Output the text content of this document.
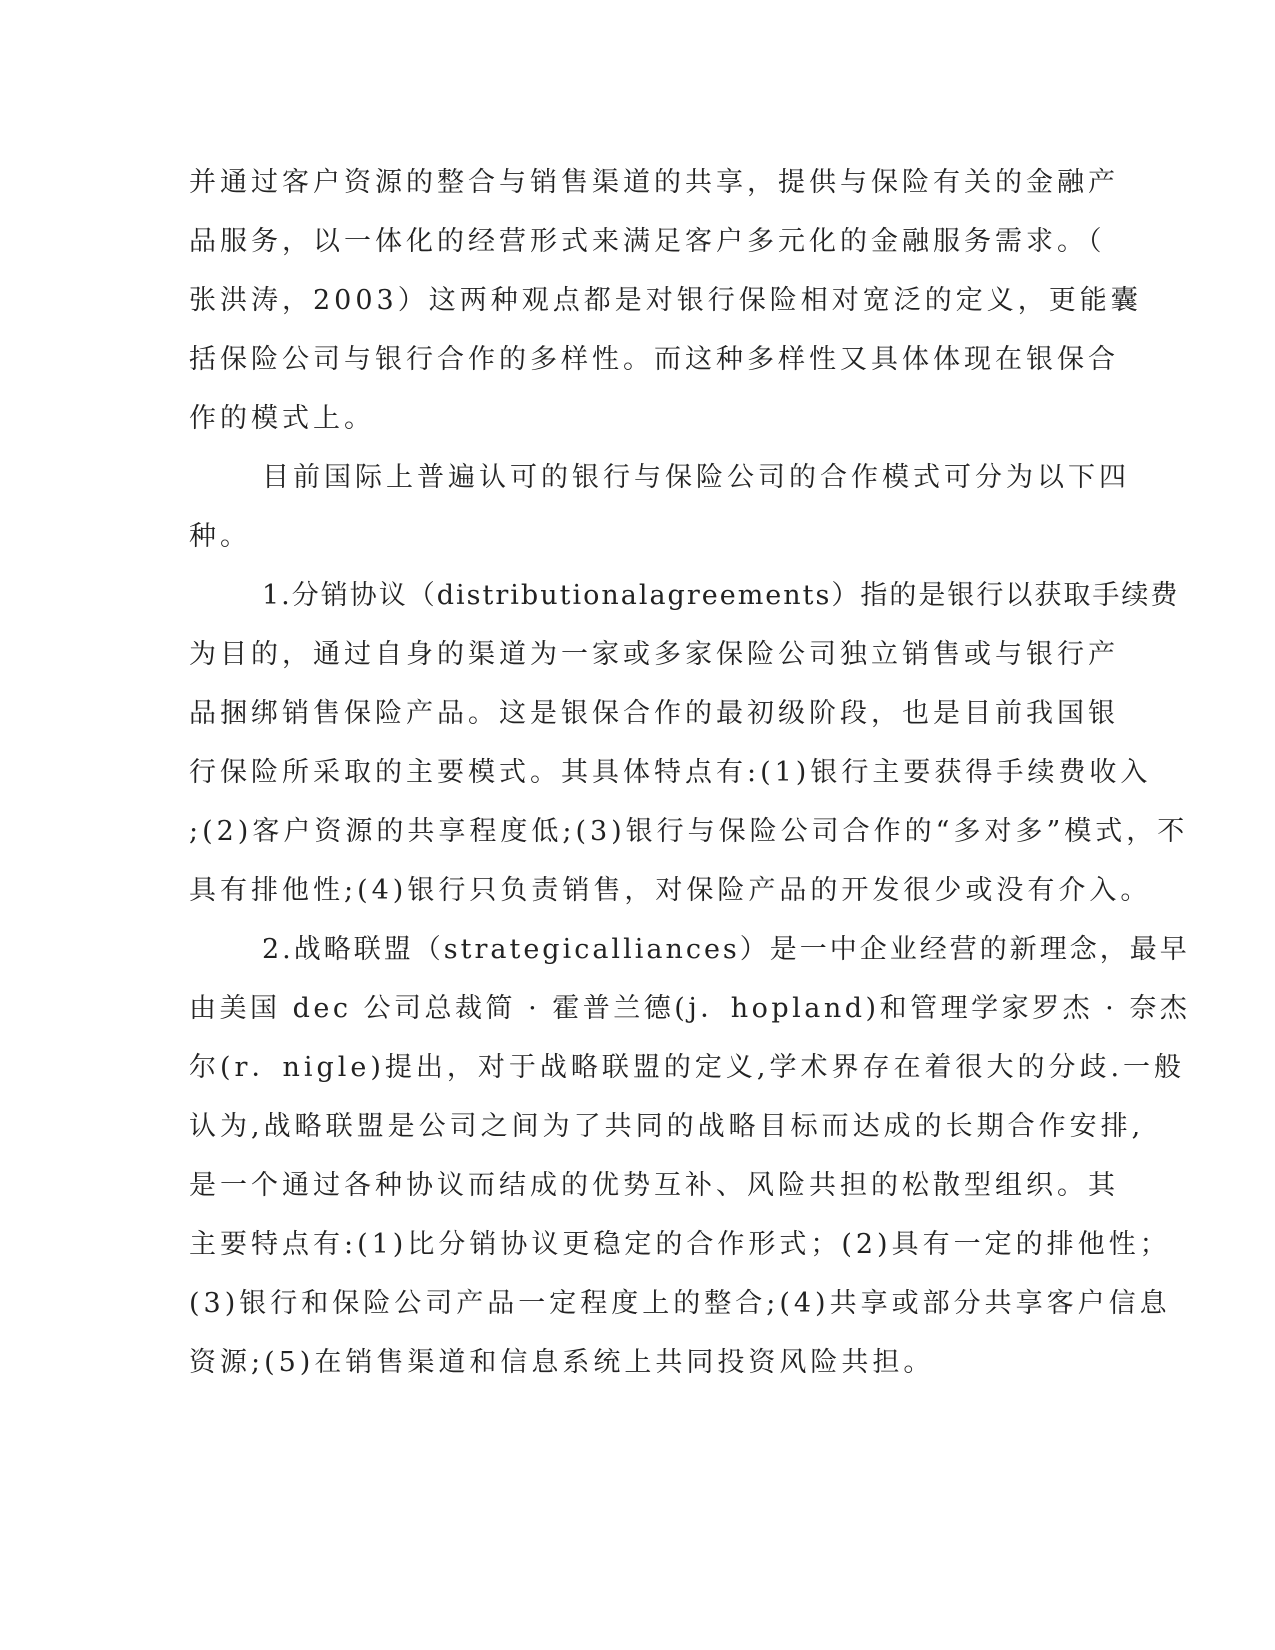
并通过客户资源的整合与销售渠道的共享，提供与保险有关的金融产
品服务，以一体化的经营形式来满足客户多元化的金融服务需求。（
张洪涛，2003）这两种观点都是对银行保险相对宽泛的定义，更能囊
括保险公司与银行合作的多样性。而这种多样性又具体体现在银保合
作的模式上。
目前国际上普遍认可的银行与保险公司的合作模式可分为以下四
种。
1.分销协议（distributionalagreements）指的是银行以获取手续费
为目的，通过自身的渠道为一家或多家保险公司独立销售或与银行产
品捆绑销售保险产品。这是银保合作的最初级阶段，也是目前我国银
行保险所采取的主要模式。其具体特点有:(1)银行主要获得手续费收入
;(2)客户资源的共享程度低;(3)银行与保险公司合作的“多对多”模式，不
具有排他性;(4)银行只负责销售，对保险产品的开发很少或没有介入。
2.战略联盟（strategicalliances）是一中企业经营的新理念，最早
由美国 dec 公司总裁简 · 霍普兰德(j．hopland)和管理学家罗杰 · 奈杰
尔(r．nigle)提出，对于战略联盟的定义,学术界存在着很大的分歧.一般
认为,战略联盟是公司之间为了共同的战略目标而达成的长期合作安排,
是一个通过各种协议而结成的优势互补、风险共担的松散型组织。其
主要特点有:(1)比分销协议更稳定的合作形式；(2)具有一定的排他性；
(3)银行和保险公司产品一定程度上的整合;(4)共享或部分共享客户信息
资源;(5)在销售渠道和信息系统上共同投资风险共担。
